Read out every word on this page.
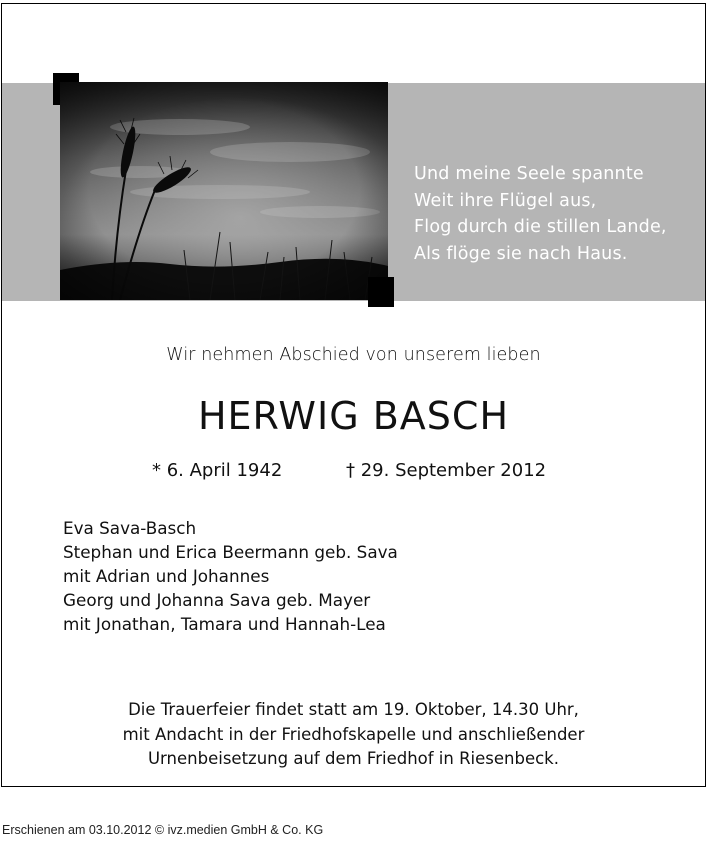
Und meine Seele spannte
Weit ihre Flügel aus,
Flog durch die stillen Lande,
Als flöge sie nach Haus.

Wir nehmen Abschied von unserem lieben

HERWIG BASCH

* 6. April 1942	† 29. September 2012

Eva Sava-Basch
Stephan und Erica Beermann geb. Sava
mit Adrian und Johannes
Georg und Johanna Sava geb. Mayer
mit Jonathan, Tamara und Hannah-Lea
Die Trauerfeier findet statt am 19. Oktober, 14.30 Uhr,
mit Andacht in der Friedhofskapelle und anschließender
Urnenbeisetzung auf dem Friedhof in Riesenbeck.

Erschienen am 03.10.2012 © ivz.medien GmbH & Co. KG
